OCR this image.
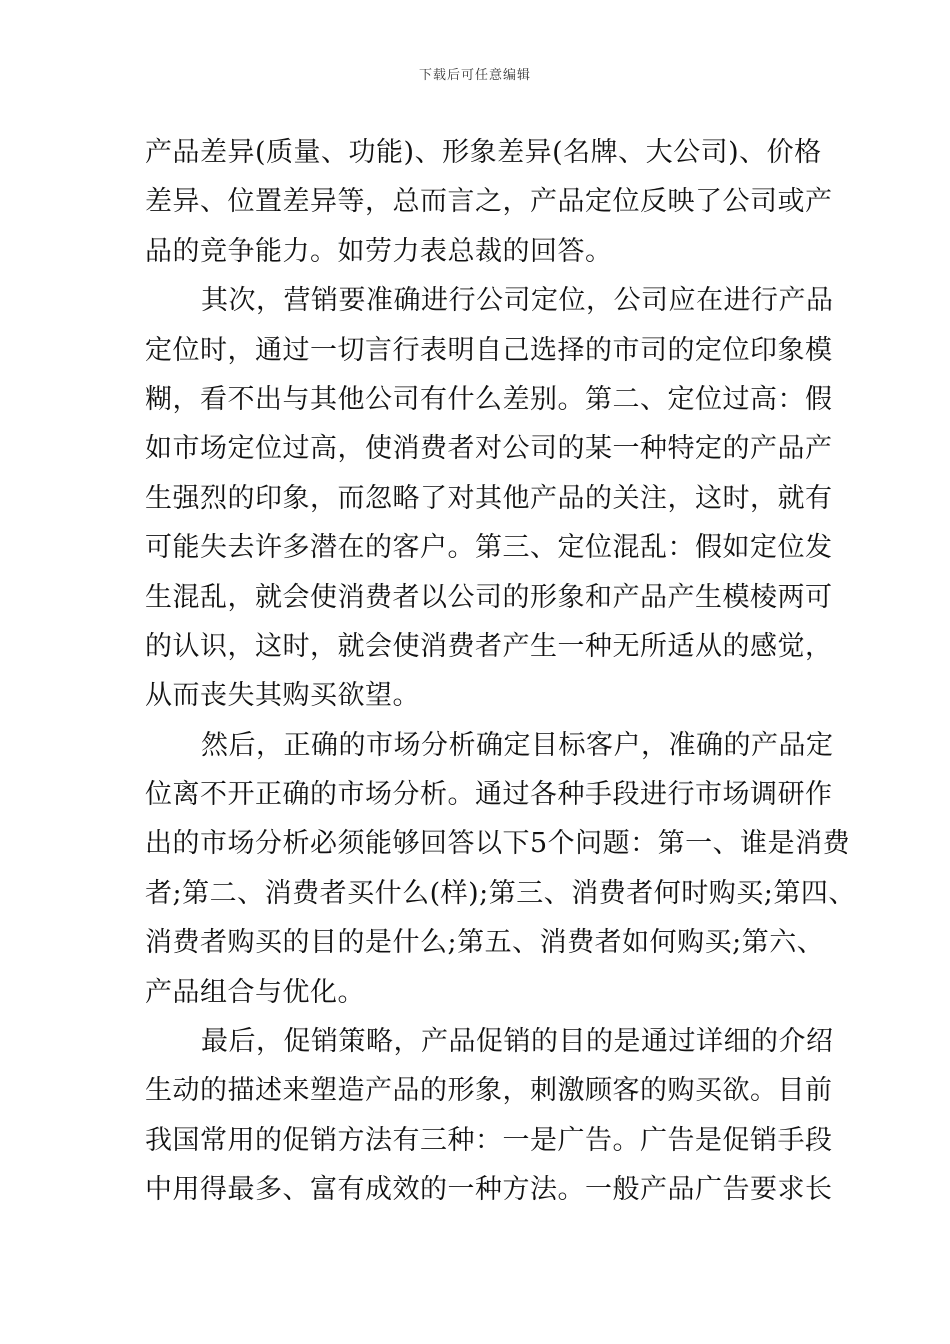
下载后可任意编辑
产品差异(质量、功能)、形象差异(名牌、大公司)、价格
差异、位置差异等，总而言之，产品定位反映了公司或产
品的竞争能力。如劳力表总裁的回答。
其次，营销要准确进行公司定位，公司应在进行产品
定位时，通过一切言行表明自己选择的市司的定位印象模
糊，看不出与其他公司有什么差别。第二、定位过高：假
如市场定位过高，使消费者对公司的某一种特定的产品产
生强烈的印象，而忽略了对其他产品的关注，这时，就有
可能失去许多潜在的客户。第三、定位混乱：假如定位发
生混乱，就会使消费者以公司的形象和产品产生模棱两可
的认识，这时，就会使消费者产生一种无所适从的感觉，
从而丧失其购买欲望。
然后，正确的市场分析确定目标客户，准确的产品定
位离不开正确的市场分析。通过各种手段进行市场调研作
出的市场分析必须能够回答以下5个问题：第一、谁是消费
者;第二、消费者买什么(样);第三、消费者何时购买;第四、
消费者购买的目的是什么;第五、消费者如何购买;第六、
产品组合与优化。
最后，促销策略，产品促销的目的是通过详细的介绍
生动的描述来塑造产品的形象，刺激顾客的购买欲。目前
我国常用的促销方法有三种：一是广告。广告是促销手段
中用得最多、富有成效的一种方法。一般产品广告要求长
